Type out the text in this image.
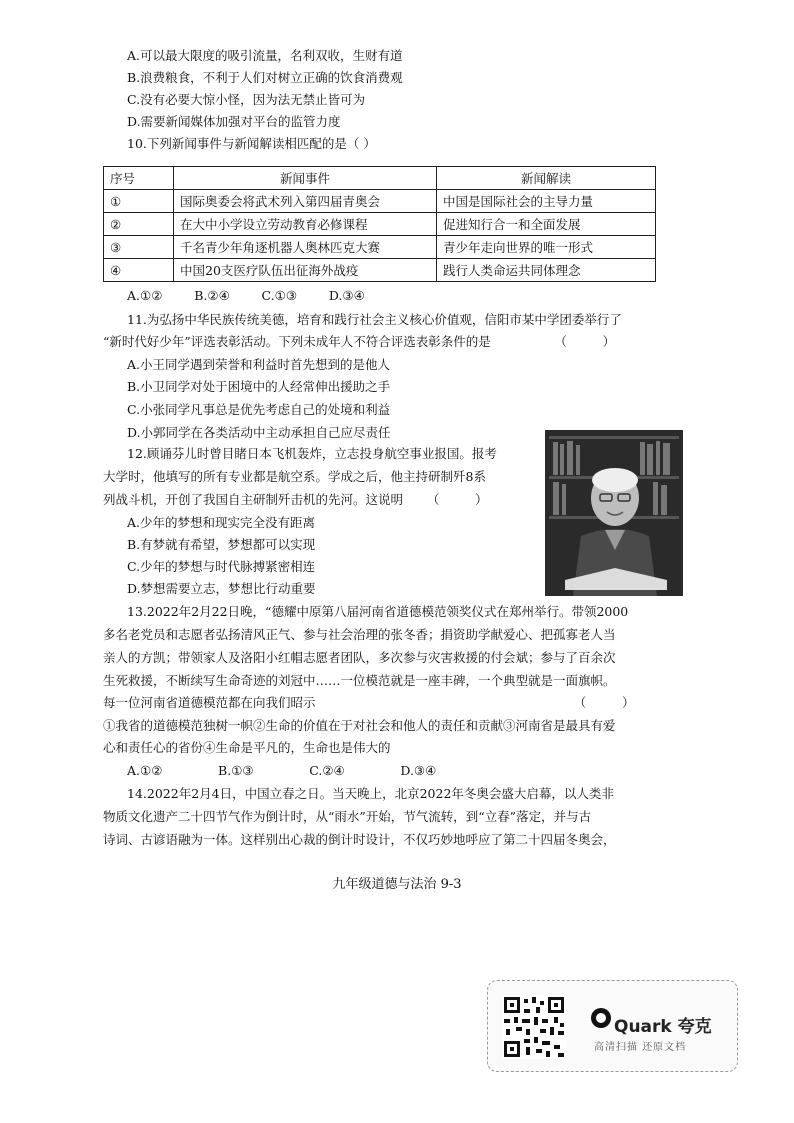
A.可以最大限度的吸引流量，名利双收，生财有道
B.浪费粮食，不利于人们对树立正确的饮食消费观
C.没有必要大惊小怪，因为法无禁止皆可为
D.需要新闻媒体加强对平台的监管力度
10.下列新闻事件与新闻解读相匹配的是（ ）
序号	新闻事件	新闻解读
①	国际奥委会将武术列入第四届青奥会	中国是国际社会的主导力量
②	在大中小学设立劳动教育必修课程	促进知行合一和全面发展
③	千名青少年角逐机器人奥林匹克大赛	青少年走向世界的唯一形式
④	中国20支医疗队伍出征海外战疫	践行人类命运共同体理念
A.①②        B.②④        C.①③        D.③④
11.为弘扬中华民族传统美德，培育和践行社会主义核心价值观，信阳市某中学团委举行了
“新时代好少年”评选表彰活动。下列未成年人不符合评选表彰条件的是                （         ）
A.小王同学遇到荣誉和利益时首先想到的是他人
B.小卫同学对处于困境中的人经常伸出援助之手
C.小张同学凡事总是优先考虑自己的处境和利益
D.小郭同学在各类活动中主动承担自己应尽责任
12.顾诵芬儿时曾目睹日本飞机轰炸，立志投身航空事业报国。报考
大学时，他填写的所有专业都是航空系。学成之后，他主持研制歼8系
列战斗机，开创了我国自主研制歼击机的先河。这说明      （         ）
A.少年的梦想和现实完全没有距离
B.有梦就有希望，梦想都可以实现
C.少年的梦想与时代脉搏紧密相连
D.梦想需要立志，梦想比行动重要
13.2022年2月22日晚，“德耀中原第八届河南省道德模范领奖仪式在郑州举行。带领2000
多名老党员和志愿者弘扬清风正气、参与社会治理的张冬香；捐资助学献爱心、把孤寡老人当
亲人的方凯；带领家人及洛阳小红帽志愿者团队，多次参与灾害救援的付会斌；参与了百余次
生死救援，不断续写生命奇迹的刘冠中……一位模范就是一座丰碑，一个典型就是一面旗帜。
每一位河南省道德模范都在向我们昭示                                                                 （         ）
①我省的道德模范独树一帜②生命的价值在于对社会和他人的责任和贡献③河南省是最具有爱
心和责任心的省份④生命是平凡的，生命也是伟大的
A.①②              B.①③              C.②④              D.③④
14.2022年2月4日，中国立春之日。当天晚上，北京2022年冬奥会盛大启幕，以人类非
物质文化遗产二十四节气作为倒计时，从“雨水”开始，节气流转，到“立春”落定，并与古
诗词、古谚语融为一体。这样别出心裁的倒计时设计，不仅巧妙地呼应了第二十四届冬奥会，
九年级道德与法治 9-3
Quark 夸克
高清扫描 还原文档
